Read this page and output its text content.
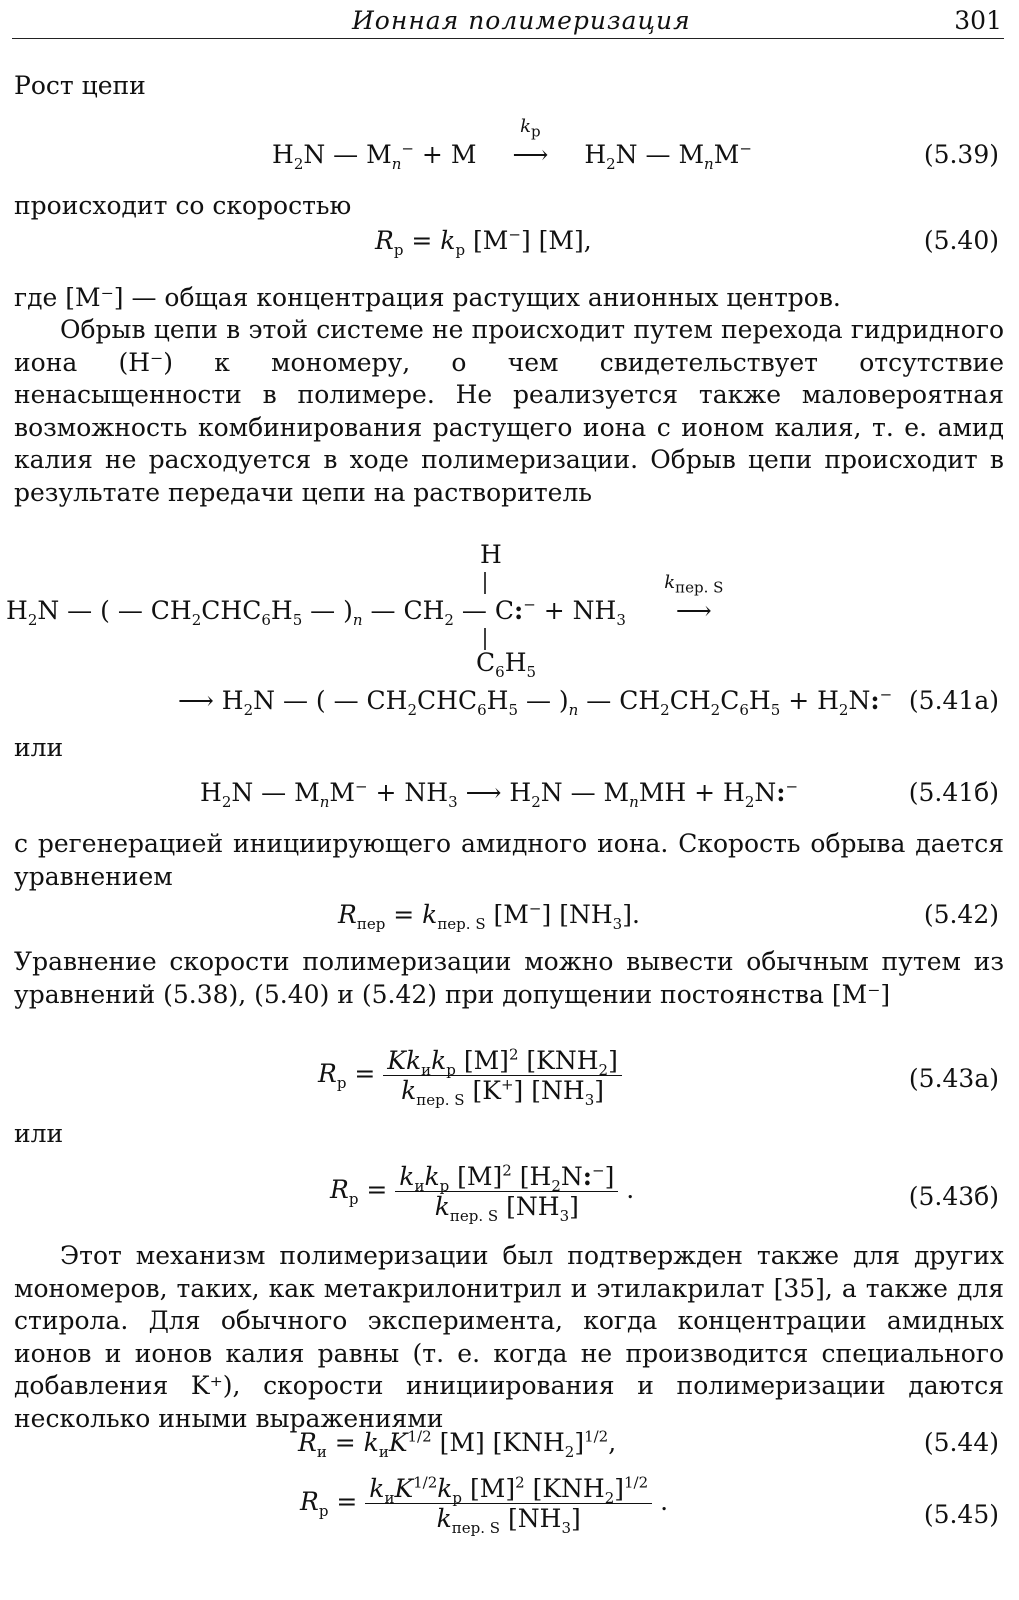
Ионная полимеризация	301
Рост цепи
$H_2N$ — $M_n^- + M$
$k_p$
⟶ $H_2N$ — $M_nM^-$	(5.39)
происходит со скоростью
$R_p = k_p$ [M−] [M],	(5.40)
где [M⁻] — общая концентрация растущих анионных центров.
Обрыв цепи в этой системе не происходит путем перехода гидридного иона (H⁻) к мономеру, о чем свидетельствует отсутствие ненасыщенности в полимере. Не реализуется также маловероятная возможность комбинирования растущего иона с ионом калия, т. е. амид калия не расходуется в ходе полимеризации. Обрыв цепи происходит в результате передачи цепи на растворитель
H
$H_2N$ — ( — $CH_2CHC_6H_5$ — )$_n$ — $CH_2$ — C:− + $NH_3$
$k_{пер. S}$
⟶
$C_6H_5$
⟶ $H_2N$ — ( — $CH_2CHC_6H_5$ — )$_n$ — $CH_2CH_2C_6H_5$ + $H_2N:^-$ (5.41а)
или
$H_2N$ — $M_nM^- + NH_3$ ⟶ $H_2N$ — $M_nMH$ + $H_2N:^-$	(5.41б)
с регенерацией инициирующего амидного иона. Скорость обрыва дается уравнением
$R_{пер} = k_{пер. S}$ [M−] $[NH_3]$.	(5.42)
Уравнение скорости полимеризации можно вывести обычным путем из уравнений (5.38), (5.40) и (5.42) при допущении постоянства [M⁻]
$R_p = \frac{Kk_иk_p [M]^2 [KNH_2]}{k_{пер. S} [K^+] [NH_3]}$	(5.43а)
или
$R_p = \frac{k_иk_p [M]^2 [H_2N:^-]}{k_{пер. S} [NH_3]}$ .	(5.43б)
Этот механизм полимеризации был подтвержден также для других мономеров, таких, как метакрилонитрил и этилакрилат [35], а также для стирола. Для обычного эксперимента, когда концентрации амидных ионов и ионов калия равны (т. е. когда не производится специального добавления K⁺), скорости инициирования и полимеризации даются несколько иными выражениями
$R_и = k_иK^{1/2}$ [M] $[KNH_2]^{1/2}$,	(5.44)
$R_p = \frac{k_иK^{1/2}k_p [M]^2 [KNH_2]^{1/2}}{k_{пер. S} [NH_3]}$ .	(5.45)
